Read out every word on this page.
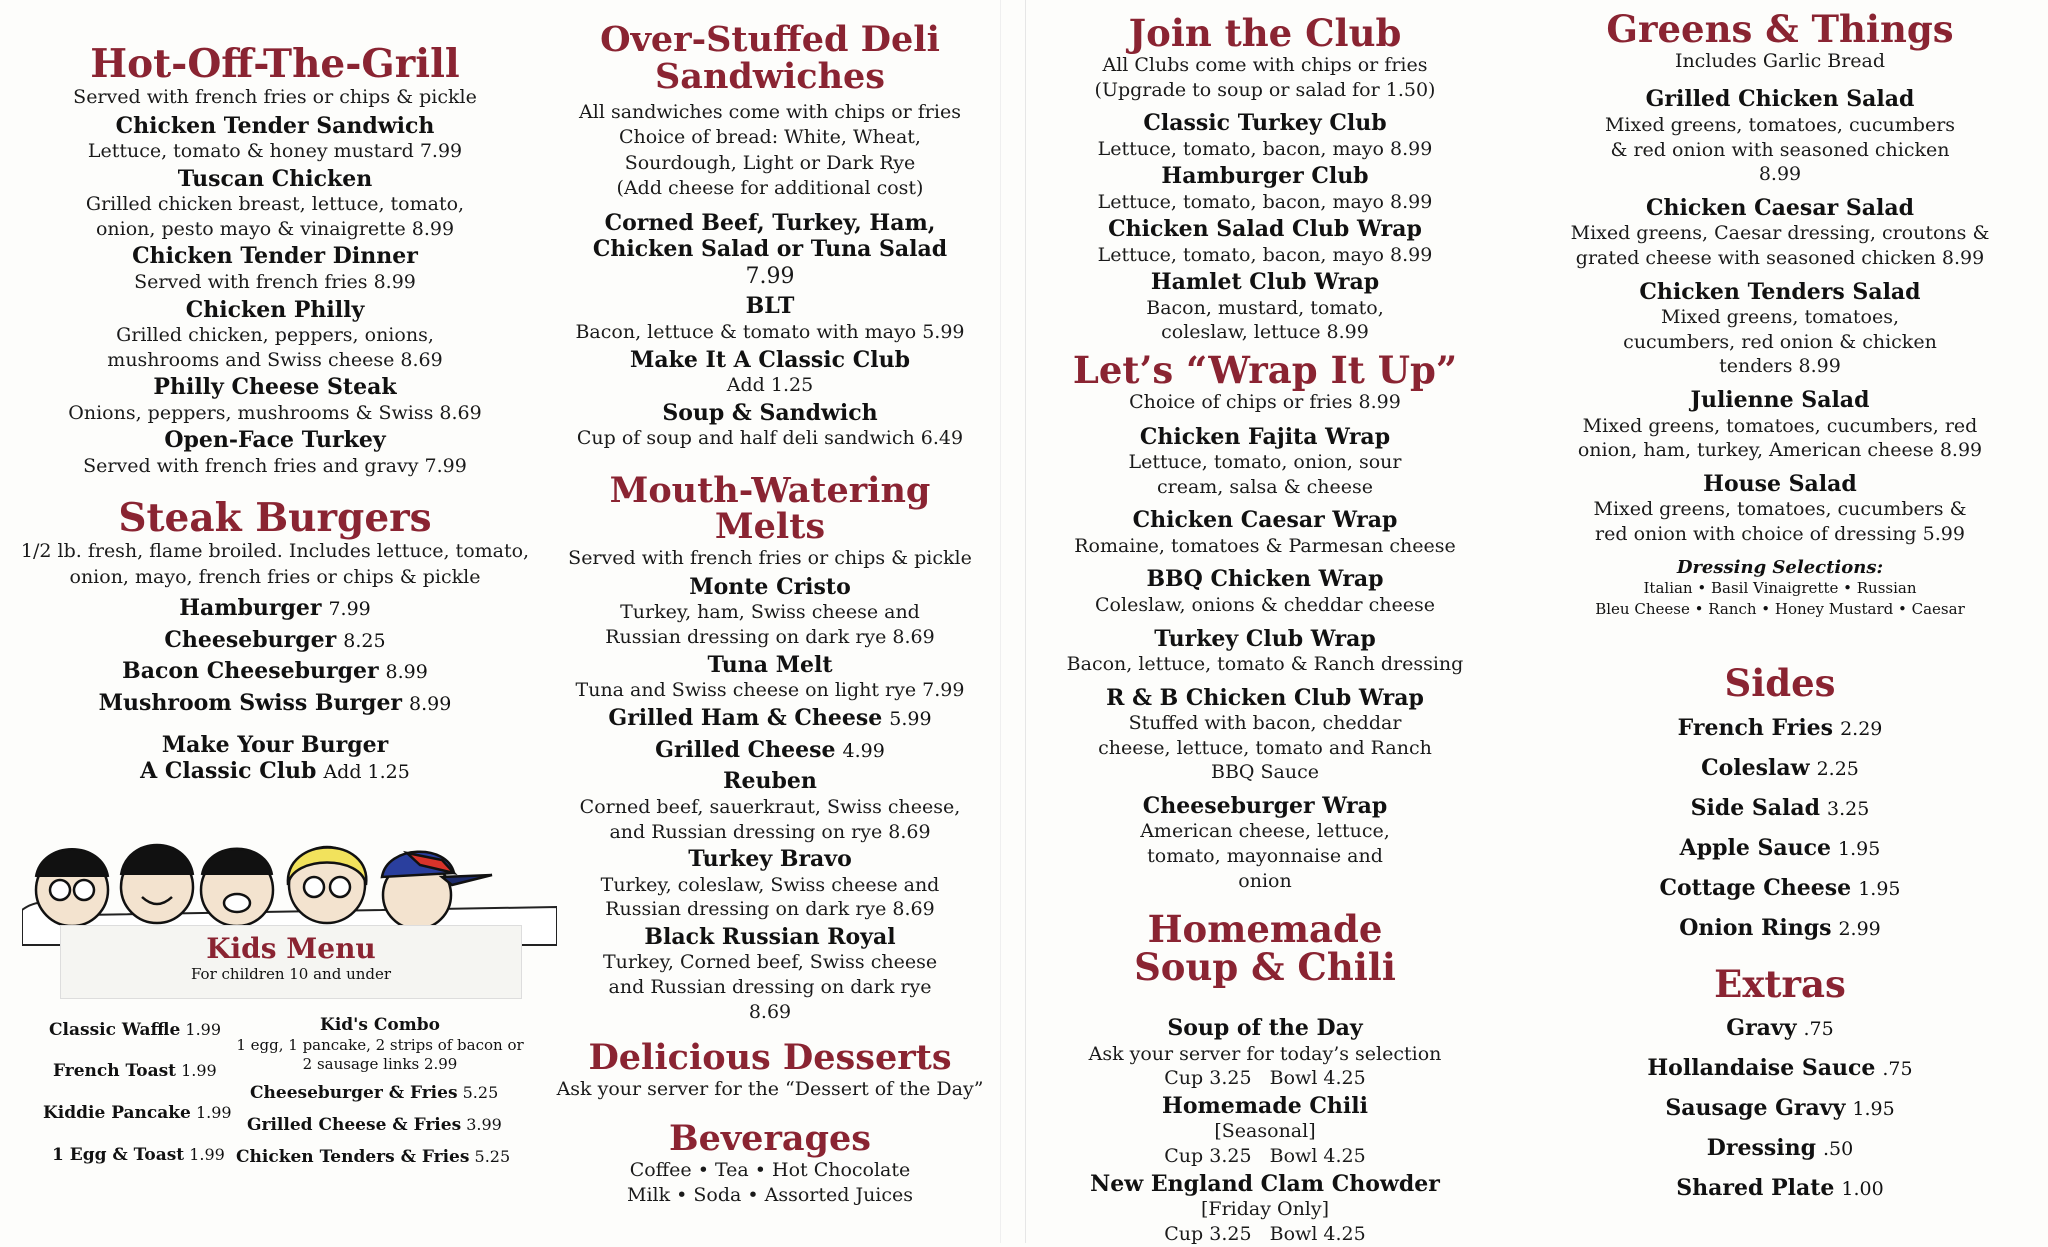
Hot-Off-The-Grill

Served with french fries or chips & pickle

Chicken Tender Sandwich

Lettuce, tomato & honey mustard 7.99

Tuscan Chicken

Grilled chicken breast, lettuce, tomato, onion, pesto mayo & vinaigrette 8.99

Chicken Tender Dinner

Served with french fries 8.99

Chicken Philly

Grilled chicken, peppers, onions, mushrooms and Swiss cheese 8.69

Philly Cheese Steak

Onions, peppers, mushrooms & Swiss 8.69

Open-Face Turkey

Served with french fries and gravy 7.99

Steak Burgers

1/2 lb. fresh, flame broiled. Includes lettuce, tomato, onion, mayo, french fries or chips & pickle

Hamburger 7.99
Cheeseburger 8.25
Bacon Cheeseburger 8.99
Mushroom Swiss Burger 8.99
Make Your Burger
A Classic Club Add 1.25
Kids Menu
For children 10 and under
Classic Waffle 1.99
French Toast 1.99
Kiddie Pancake 1.99
1 Egg & Toast 1.99
Kid's Combo
1 egg, 1 pancake, 2 strips of bacon or 2 sausage links 2.99
Cheeseburger & Fries 5.25
Grilled Cheese & Fries 3.99
Chicken Tenders & Fries 5.25
Over-Stuffed Deli Sandwiches

All sandwiches come with chips or fries

Choice of bread: White, Wheat, Sourdough, Light or Dark Rye

(Add cheese for additional cost)

Corned Beef, Turkey, Ham, Chicken Salad or Tuna Salad

7.99

BLT

Bacon, lettuce & tomato with mayo 5.99

Make It A Classic Club

Add 1.25

Soup & Sandwich

Cup of soup and half deli sandwich 6.49

Mouth-Watering Melts

Served with french fries or chips & pickle

Monte Cristo

Turkey, ham, Swiss cheese and Russian dressing on dark rye 8.69

Tuna Melt

Tuna and Swiss cheese on light rye 7.99

Grilled Ham & Cheese 5.99
Grilled Cheese 4.99
Reuben

Corned beef, sauerkraut, Swiss cheese, and Russian dressing on rye 8.69

Turkey Bravo

Turkey, coleslaw, Swiss cheese and Russian dressing on dark rye 8.69

Black Russian Royal

Turkey, Corned beef, Swiss cheese and Russian dressing on dark rye 8.69

Delicious Desserts

Ask your server for the “Dessert of the Day”

Beverages

Coffee • Tea • Hot Chocolate

Milk • Soda • Assorted Juices

Join the Club

All Clubs come with chips or fries

(Upgrade to soup or salad for 1.50)

Classic Turkey Club

Lettuce, tomato, bacon, mayo 8.99

Hamburger Club

Lettuce, tomato, bacon, mayo 8.99

Chicken Salad Club Wrap

Lettuce, tomato, bacon, mayo 8.99

Hamlet Club Wrap

Bacon, mustard, tomato, coleslaw, lettuce 8.99

Let’s “Wrap It Up”

Choice of chips or fries 8.99

Chicken Fajita Wrap

Lettuce, tomato, onion, sour cream, salsa & cheese

Chicken Caesar Wrap

Romaine, tomatoes & Parmesan cheese

BBQ Chicken Wrap

Coleslaw, onions & cheddar cheese

Turkey Club Wrap

Bacon, lettuce, tomato & Ranch dressing

R & B Chicken Club Wrap

Stuffed with bacon, cheddar cheese, lettuce, tomato and Ranch BBQ Sauce

Cheeseburger Wrap

American cheese, lettuce, tomato, mayonnaise and onion

Homemade Soup & Chili
Soup of the Day

Ask your server for today’s selection

Cup 3.25   Bowl 4.25

Homemade Chili

[Seasonal]

Cup 3.25   Bowl 4.25

New England Clam Chowder

[Friday Only]

Cup 3.25   Bowl 4.25

Greens & Things

Includes Garlic Bread

Grilled Chicken Salad

Mixed greens, tomatoes, cucumbers & red onion with seasoned chicken 8.99

Chicken Caesar Salad

Mixed greens, Caesar dressing, croutons & grated cheese with seasoned chicken 8.99

Chicken Tenders Salad

Mixed greens, tomatoes, cucumbers, red onion & chicken tenders 8.99

Julienne Salad

Mixed greens, tomatoes, cucumbers, red onion, ham, turkey, American cheese 8.99

House Salad

Mixed greens, tomatoes, cucumbers & red onion with choice of dressing 5.99

Dressing Selections:
Italian • Basil Vinaigrette • Russian
Bleu Cheese • Ranch • Honey Mustard • Caesar
Sides
French Fries 2.29
Coleslaw 2.25
Side Salad 3.25
Apple Sauce 1.95
Cottage Cheese 1.95
Onion Rings 2.99
Extras
Gravy .75
Hollandaise Sauce .75
Sausage Gravy 1.95
Dressing .50
Shared Plate 1.00
